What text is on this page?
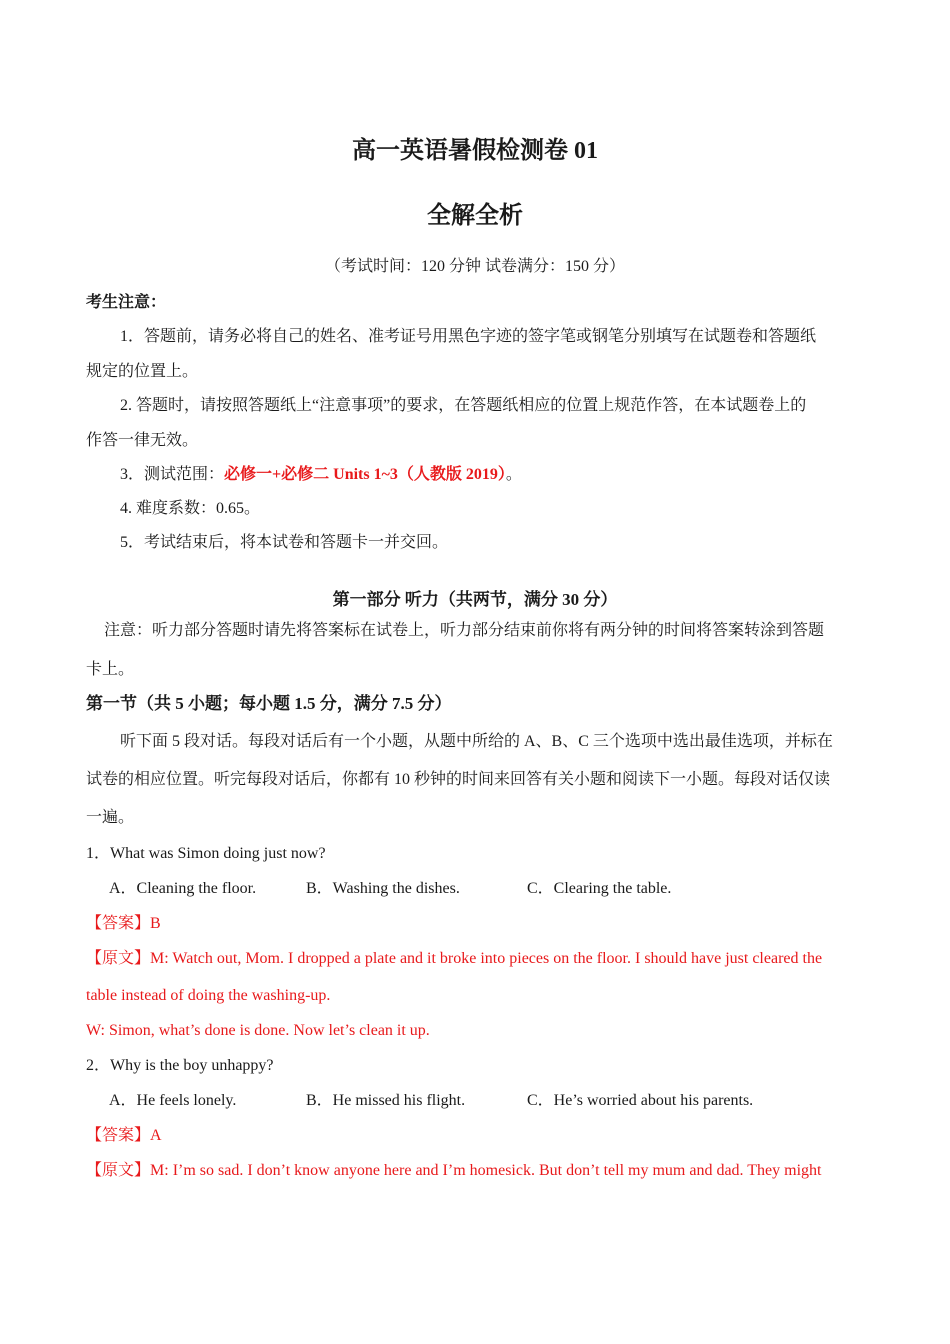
高一英语暑假检测卷 01
全解全析
（考试时间：120 分钟 试卷满分：150 分）
考生注意：
1．答题前，请务必将自己的姓名、准考证号用黑色字迹的签字笔或钢笔分别填写在试题卷和答题纸
规定的位置上。
2. 答题时，请按照答题纸上“注意事项”的要求，在答题纸相应的位置上规范作答，在本试题卷上的
作答一律无效。
3．测试范围：必修一+必修二 Units 1~3（人教版 2019）。
4. 难度系数：0.65。
5．考试结束后，将本试卷和答题卡一并交回。
第一部分 听力（共两节，满分 30 分）
注意：听力部分答题时请先将答案标在试卷上，听力部分结束前你将有两分钟的时间将答案转涂到答题
卡上。
第一节（共 5 小题；每小题 1.5 分，满分 7.5 分）
听下面 5 段对话。每段对话后有一个小题，从题中所给的 A、B、C 三个选项中选出最佳选项，并标在
试卷的相应位置。听完每段对话后，你都有 10 秒钟的时间来回答有关小题和阅读下一小题。每段对话仅读
一遍。
1．What was Simon doing just now?
A．Cleaning the floor.	B．Washing the dishes.	C．Clearing the table.
【答案】B
【原文】M: Watch out, Mom. I dropped a plate and it broke into pieces on the floor. I should have just cleared the
table instead of doing the washing-up.
W: Simon, what’s done is done. Now let’s clean it up.
2．Why is the boy unhappy?
A．He feels lonely.	B．He missed his flight.	C．He’s worried about his parents.
【答案】A
【原文】M: I’m so sad. I don’t know anyone here and I’m homesick. But don’t tell my mum and dad. They might
